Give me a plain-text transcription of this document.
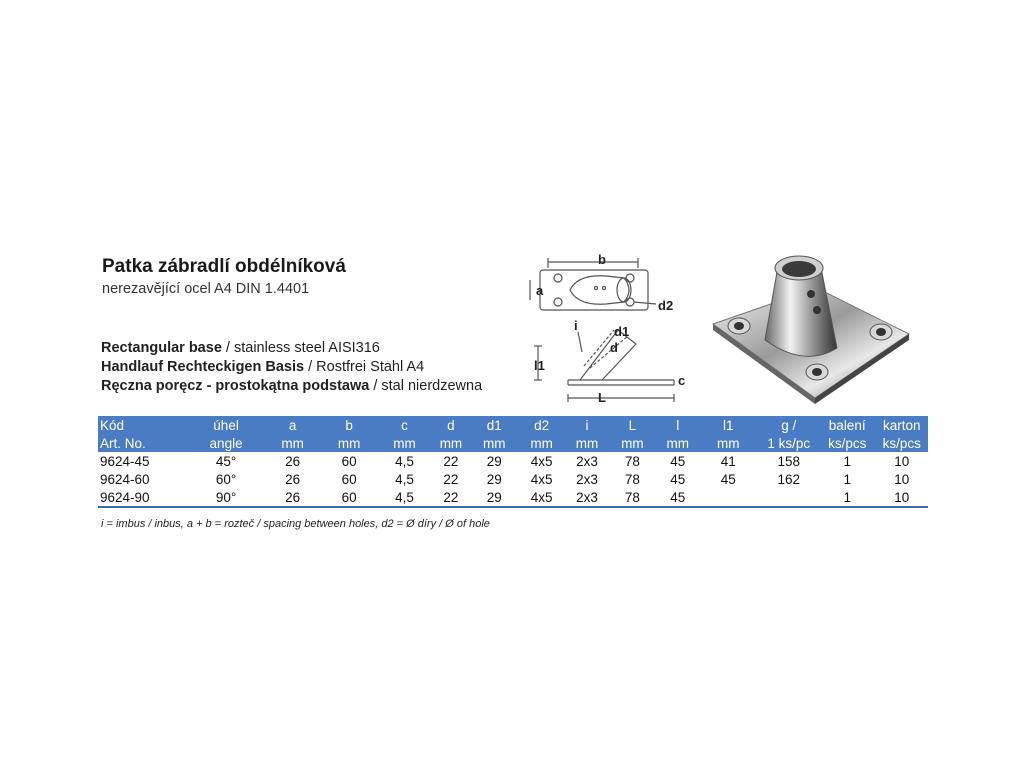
Patka zábradlí obdélníková
nerezavějící ocel A4 DIN 1.4401
Rectangular base / stainless steel AISI316
Handlauf Rechteckigen Basis / Rostfrei Stahl A4
Ręczna poręcz - prostokątna podstawa / stal nierdzewna
b
a
d2
i	d1
d
l1
c
L
Kód	úhel	a	b	c	d	d1	d2	i	L	l	l1	g /	balení	karton
Art. No.	angle	mm	mm	mm	mm	mm	mm	mm	mm	mm	mm	1 ks/pc	ks/pcs	ks/pcs
9624-45	45°	26	60	4,5	22	29	4x5	2x3	78	45	41	158	1	10
9624-60	60°	26	60	4,5	22	29	4x5	2x3	78	45	45	162	1	10
9624-90	90°	26	60	4,5	22	29	4x5	2x3	78	45			1	10
i = imbus / inbus, a + b = rozteč / spacing between holes, d2 = Ø díry / Ø of hole
